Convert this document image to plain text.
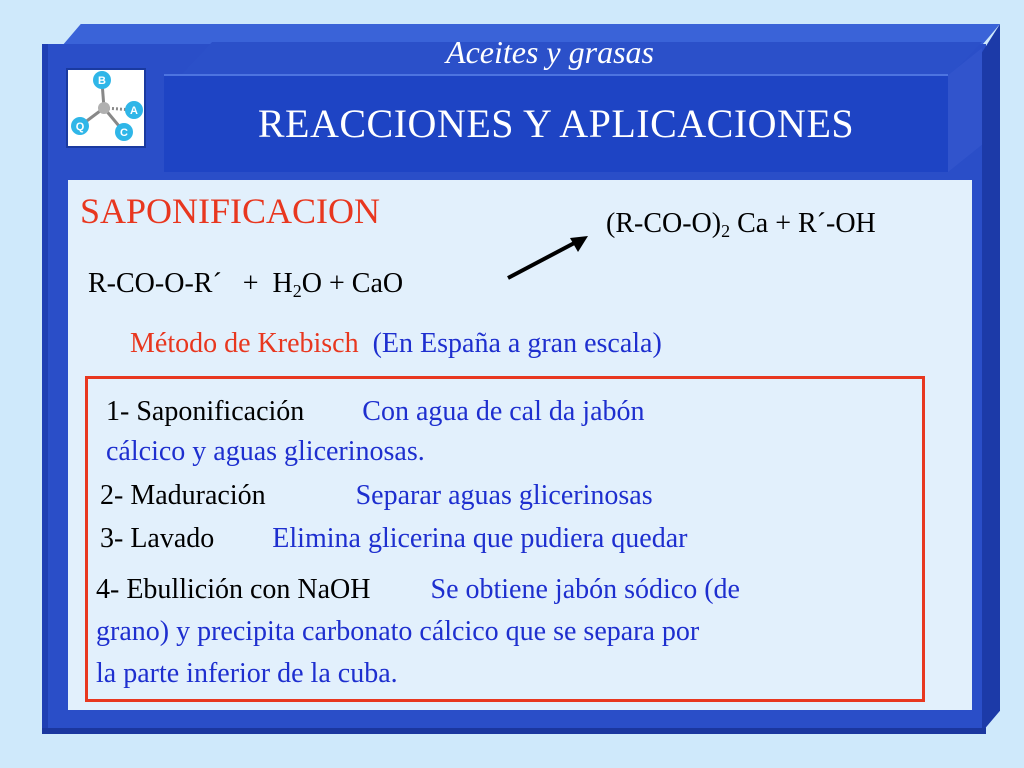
Aceites y grasas
REACCIONES Y APLICACIONES
B
A
C
Q
SAPONIFICACION	$(R-CO-O)_2$ Ca + R´-OH
R-CO-O-R´   +  $H_2O$ + CaO
Método de Krebisch (En España a gran escala)
1- Saponificación Con agua de cal da jabón
cálcico y aguas glicerinosas.
2- Maduración	Separar aguas glicerinosas
3- Lavado Elimina glicerina que pudiera quedar
4- Ebullición con NaOH Se obtiene jabón sódico (de
grano) y precipita carbonato cálcico que se separa por
la parte inferior de la cuba.
